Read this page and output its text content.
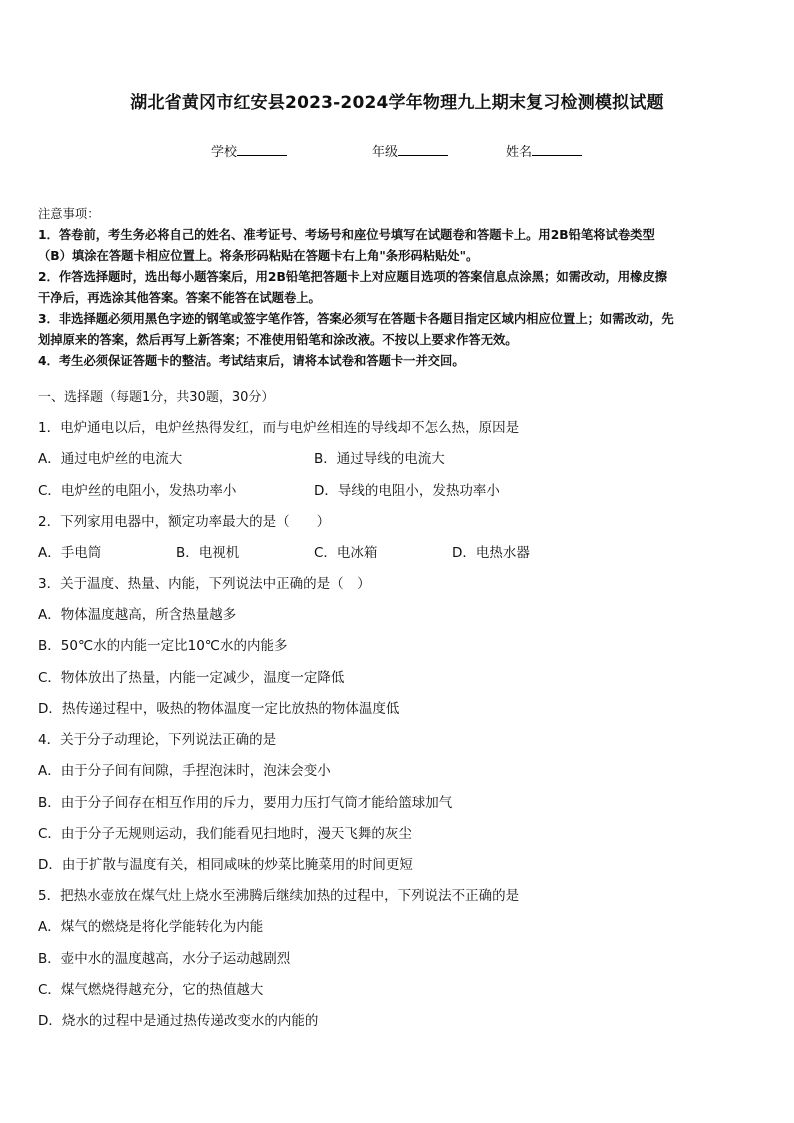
湖北省黄冈市红安县2023-2024学年物理九上期末复习检测模拟试题
学校	年级	姓名

注意事项：

1．答卷前，考生务必将自己的姓名、准考证号、考场号和座位号填写在试题卷和答题卡上。用2B铅笔将试卷类型

（B）填涂在答题卡相应位置上。将条形码粘贴在答题卡右上角"条形码粘贴处"。

2．作答选择题时，选出每小题答案后，用2B铅笔把答题卡上对应题目选项的答案信息点涂黑；如需改动，用橡皮擦

干净后，再选涂其他答案。答案不能答在试题卷上。

3．非选择题必须用黑色字迹的钢笔或签字笔作答，答案必须写在答题卡各题目指定区域内相应位置上；如需改动，先

划掉原来的答案，然后再写上新答案；不准使用铅笔和涂改液。不按以上要求作答无效。

4．考生必须保证答题卡的整洁。考试结束后，请将本试卷和答题卡一并交回。

一、选择题（每题1分，共30题，30分）
1．电炉通电以后，电炉丝热得发红，而与电炉丝相连的导线却不怎么热，原因是
A．通过电炉丝的电流大	B．通过导线的电流大
C．电炉丝的电阻小，发热功率小	D．导线的电阻小，发热功率小
2．下列家用电器中，额定功率最大的是（　　）
A．手电筒	B．电视机	C．电冰箱	D．电热水器
3．关于温度、热量、内能，下列说法中正确的是（　）
A．物体温度越高，所含热量越多
B．50℃水的内能一定比10℃水的内能多
C．物体放出了热量，内能一定减少，温度一定降低
D．热传递过程中，吸热的物体温度一定比放热的物体温度低
4．关于分子动理论，下列说法正确的是
A．由于分子间有间隙，手捏泡沫时，泡沫会变小
B．由于分子间存在相互作用的斥力，要用力压打气筒才能给篮球加气
C．由于分子无规则运动，我们能看见扫地时，漫天飞舞的灰尘
D．由于扩散与温度有关，相同咸味的炒菜比腌菜用的时间更短
5．把热水壶放在煤气灶上烧水至沸腾后继续加热的过程中，下列说法不正确的是
A．煤气的燃烧是将化学能转化为内能
B．壶中水的温度越高，水分子运动越剧烈
C．煤气燃烧得越充分，它的热值越大
D．烧水的过程中是通过热传递改变水的内能的
